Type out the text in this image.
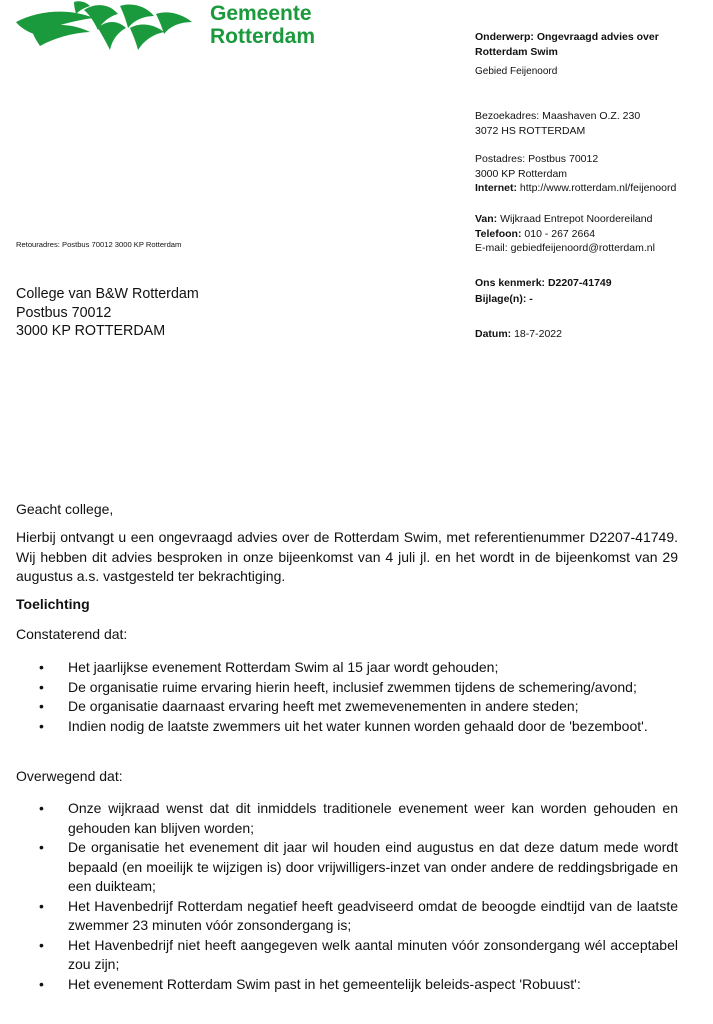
Gemeente
Rotterdam	Onderwerp: Ongevraagd advies over
Rotterdam Swim
Gebied Feijenoord
Bezoekadres: Maashaven O.Z. 230
3072 HS ROTTERDAM
Postadres: Postbus 70012
3000 KP Rotterdam
Internet: http://www.rotterdam.nl/feijenoord
Van: Wijkraad Entrepot Noordereiland
Telefoon: 010 - 267 2664
E-mail: gebiedfeijenoord@rotterdam.nl
Ons kenmerk: D2207-41749
Bijlage(n): -
Datum: 18-7-2022
Retouradres: Postbus 70012 3000 KP Rotterdam
College van B&W Rotterdam
Postbus 70012
3000 KP ROTTERDAM
Geacht college,
Hierbij ontvangt u een ongevraagd advies over de Rotterdam Swim, met referentienummer D2207-41749. Wij hebben dit advies besproken in onze bijeenkomst van 4 juli jl. en het wordt in de bijeenkomst van 29 augustus a.s. vastgesteld ter bekrachtiging.
Toelichting
Constaterend dat:
• Het jaarlijkse evenement Rotterdam Swim al 15 jaar wordt gehouden;
• De organisatie ruime ervaring hierin heeft, inclusief zwemmen tijdens de schemering/avond;
• De organisatie daarnaast ervaring heeft met zwemevenementen in andere steden;
• Indien nodig de laatste zwemmers uit het water kunnen worden gehaald door de 'bezemboot'.
Overwegend dat:
• Onze wijkraad wenst dat dit inmiddels traditionele evenement weer kan worden gehouden en gehouden kan blijven worden;
• De organisatie het evenement dit jaar wil houden eind augustus en dat deze datum mede wordt bepaald (en moeilijk te wijzigen is) door vrijwilligers-inzet van onder andere de reddingsbrigade en een duikteam;
• Het Havenbedrijf Rotterdam negatief heeft geadviseerd omdat de beoogde eindtijd van de laatste zwemmer 23 minuten vóór zonsondergang is;
• Het Havenbedrijf niet heeft aangegeven welk aantal minuten vóór zonsondergang wél acceptabel zou zijn;
• Het evenement Rotterdam Swim past in het gemeentelijk beleids-aspect 'Robuust':
